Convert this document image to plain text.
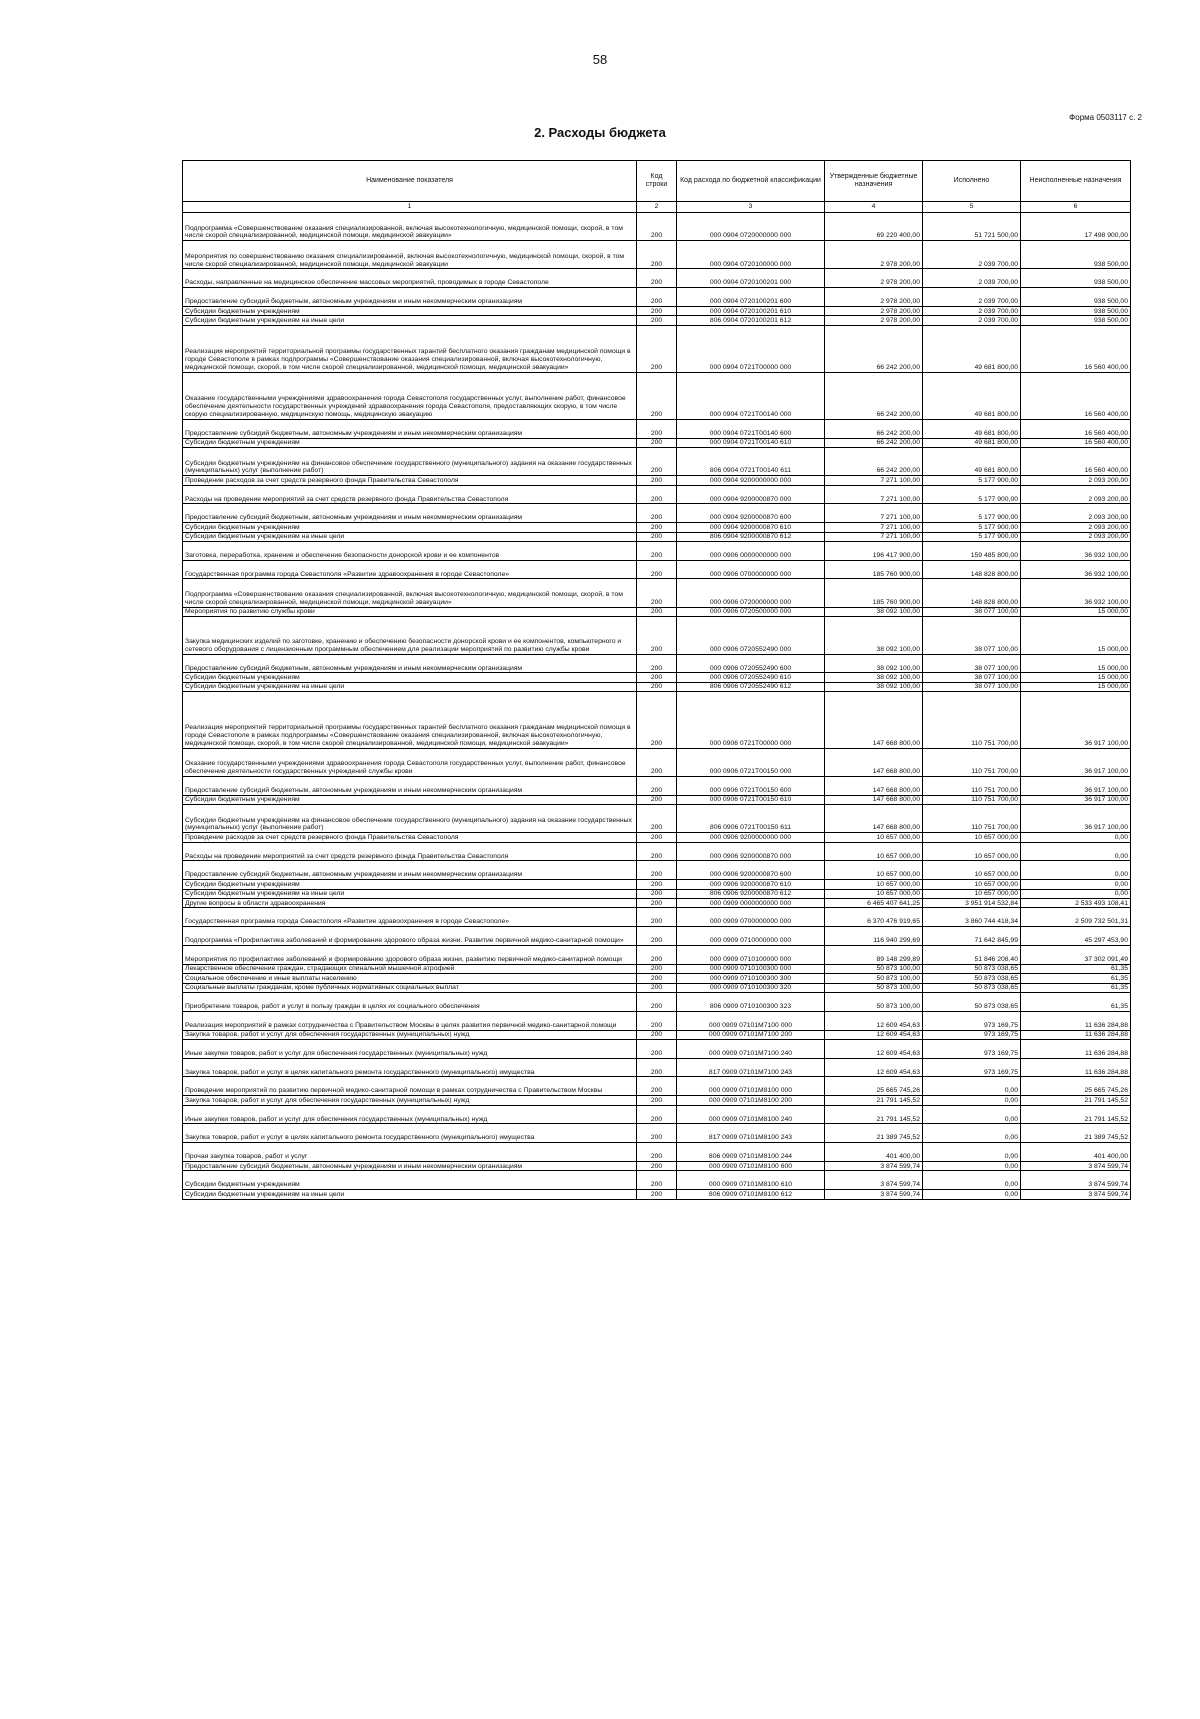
58
Форма 0503117 с. 2
2. Расходы бюджета
Наименование показателя	Код строки	Код расхода по бюджетной классификации	Утвержденные бюджетные назначения	Исполнено	Неисполненные назначения
1	2	3	4	5	6
Подпрограмма «Совершенствование оказания специализированной, включая высокотехнологичную, медицинской помощи, скорой, в том числе скорой специализированной, медицинской помощи, медицинской эвакуации»	200	000 0904 0720000000 000	69 220 400,00	51 721 500,00	17 498 900,00
Мероприятия по совершенствованию оказания специализированной, включая высокотехнологичную, медицинской помощи, скорой, в том числе скорой специализированной, медицинской помощи, медицинской эвакуации	200	000 0904 0720100000 000	2 978 200,00	2 039 700,00	938 500,00
Расходы, направленные на медицинское обеспечение массовых мероприятий, проводимых в городе Севастополе	200	000 0904 0720100201 000	2 978 200,00	2 039 700,00	938 500,00
Предоставление субсидий бюджетным, автономным учреждениям и иным некоммерческим организациям	200	000 0904 0720100201 600	2 978 200,00	2 039 700,00	938 500,00
Субсидии бюджетным учреждениям	200	000 0904 0720100201 610	2 978 200,00	2 039 700,00	938 500,00
Субсидии бюджетным учреждениям на иные цели	200	806 0904 0720100201 612	2 978 200,00	2 039 700,00	938 500,00
Реализация мероприятий территориальной программы государственных гарантий бесплатного оказания гражданам медицинской помощи в городе Севастополе в рамках подпрограммы «Совершенствование оказания специализированной, включая высокотехнологичную, медицинской помощи, скорой, в том числе скорой специализированной, медицинской помощи, медицинской эвакуации»	200	000 0904 0721T00000 000	66 242 200,00	49 681 800,00	16 560 400,00
Оказание государственными учреждениями здравоохранения города Севастополя государственных услуг, выполнение работ, финансовое обеспечение деятельности государственных учреждений здравоохранения города Севастополя, предоставляющих скорую, в том числе скорую специализированную, медицинскую помощь, медицинскую эвакуацию	200	000 0904 0721T00140 000	66 242 200,00	49 681 800,00	16 560 400,00
Предоставление субсидий бюджетным, автономным учреждениям и иным некоммерческим организациям	200	000 0904 0721T00140 600	66 242 200,00	49 681 800,00	16 560 400,00
Субсидии бюджетным учреждениям	200	000 0904 0721T00140 610	66 242 200,00	49 681 800,00	16 560 400,00
Субсидии бюджетным учреждениям на финансовое обеспечение государственного (муниципального) задания на оказание государственных (муниципальных) услуг (выполнение работ)	200	806 0904 0721T00140 611	66 242 200,00	49 681 800,00	16 560 400,00
Проведение расходов за счет средств резервного фонда Правительства Севастополя	200	000 0904 9200000000 000	7 271 100,00	5 177 900,00	2 093 200,00
Расходы на проведение мероприятий за счет средств резервного фонда Правительства Севастополя	200	000 0904 9200000870 000	7 271 100,00	5 177 900,00	2 093 200,00
Предоставление субсидий бюджетным, автономным учреждениям и иным некоммерческим организациям	200	000 0904 9200000870 600	7 271 100,00	5 177 900,00	2 093 200,00
Субсидии бюджетным учреждениям	200	000 0904 9200000870 610	7 271 100,00	5 177 900,00	2 093 200,00
Субсидии бюджетным учреждениям на иные цели	200	806 0904 9200000870 612	7 271 100,00	5 177 900,00	2 093 200,00
Заготовка, переработка, хранение и обеспечение безопасности донорской крови и ее компонентов	200	000 0906 0000000000 000	196 417 900,00	159 485 800,00	36 932 100,00
Государственная программа города Севастополя «Развитие здравоохранения в городе Севастополе»	200	000 0906 0700000000 000	185 760 900,00	148 828 800,00	36 932 100,00
Подпрограмма «Совершенствование оказания специализированной, включая высокотехнологичную, медицинской помощи, скорой, в том числе скорой специализированной, медицинской помощи, медицинской эвакуации»	200	000 0906 0720000000 000	185 760 900,00	148 828 800,00	36 932 100,00
Мероприятия по развитию службы крови	200	000 0906 0720500000 000	38 092 100,00	38 077 100,00	15 000,00
Закупка медицинских изделий по заготовке, хранению и обеспечению безопасности донорской крови и ее компонентов, компьютерного и сетевого оборудования с лицензионным программным обеспечением для реализации мероприятий по развитию службы крови	200	000 0906 0720552490 000	38 092 100,00	38 077 100,00	15 000,00
Предоставление субсидий бюджетным, автономным учреждениям и иным некоммерческим организациям	200	000 0906 0720552490 600	38 092 100,00	38 077 100,00	15 000,00
Субсидии бюджетным учреждениям	200	000 0906 0720552490 610	38 092 100,00	38 077 100,00	15 000,00
Субсидии бюджетным учреждениям на иные цели	200	806 0906 0720552490 612	38 092 100,00	38 077 100,00	15 000,00
Реализация мероприятий территориальной программы государственных гарантий бесплатного оказания гражданам медицинской помощи в городе Севастополе в рамках подпрограммы «Совершенствование оказания специализированной, включая высокотехнологичную, медицинской помощи, скорой, в том числе скорой специализированной, медицинской помощи, медицинской эвакуации»	200	000 0906 0721T00000 000	147 668 800,00	110 751 700,00	36 917 100,00
Оказание государственными учреждениями здравоохранения города Севастополя государственных услуг, выполнение работ, финансовое обеспечение деятельности государственных учреждений службы крови	200	000 0906 0721T00150 000	147 668 800,00	110 751 700,00	36 917 100,00
Предоставление субсидий бюджетным, автономным учреждениям и иным некоммерческим организациям	200	000 0906 0721T00150 600	147 668 800,00	110 751 700,00	36 917 100,00
Субсидии бюджетным учреждениям	200	000 0906 0721T00150 610	147 668 800,00	110 751 700,00	36 917 100,00
Субсидии бюджетным учреждениям на финансовое обеспечение государственного (муниципального) задания на оказание государственных (муниципальных) услуг (выполнение работ)	200	806 0906 0721T00150 611	147 668 800,00	110 751 700,00	36 917 100,00
Проведение расходов за счет средств резервного фонда Правительства Севастополя	200	000 0906 9200000000 000	10 657 000,00	10 657 000,00	0,00
Расходы на проведение мероприятий за счет средств резервного фонда Правительства Севастополя	200	000 0906 9200000870 000	10 657 000,00	10 657 000,00	0,00
Предоставление субсидий бюджетным, автономным учреждениям и иным некоммерческим организациям	200	000 0906 9200000870 600	10 657 000,00	10 657 000,00	0,00
Субсидии бюджетным учреждениям	200	000 0906 9200000870 610	10 657 000,00	10 657 000,00	0,00
Субсидии бюджетным учреждениям на иные цели	200	806 0906 9200000870 612	10 657 000,00	10 657 000,00	0,00
Другие вопросы в области здравоохранения	200	000 0909 0000000000 000	6 465 407 641,25	3 951 914 532,84	2 533 493 108,41
Государственная программа города Севастополя «Развитие здравоохранения в городе Севастополе»	200	000 0909 0700000000 000	6 370 476 919,65	3 860 744 418,34	2 509 732 501,31
Подпрограмма «Профилактика заболеваний и формирование здорового образа жизни. Развитие первичной медико-санитарной помощи»	200	000 0909 0710000000 000	116 940 299,69	71 642 845,99	45 297 453,90
Мероприятия по профилактике заболеваний и формированию здорового образа жизни, развитию первичной медико-санитарной помощи	200	000 0909 0710100000 000	89 148 299,89	51 846 208,40	37 302 091,49
Лекарственное обеспечение граждан, страдающих спинальной мышечной атрофией	200	000 0909 0710100300 000	50 873 100,00	50 873 038,65	61,35
Социальное обеспечение и иные выплаты населению	200	000 0909 0710100300 300	50 873 100,00	50 873 038,65	61,35
Социальные выплаты гражданам, кроме публичных нормативных социальных выплат	200	000 0909 0710100300 320	50 873 100,00	50 873 038,65	61,35
Приобретение товаров, работ и услуг в пользу граждан в целях их социального обеспечения	200	806 0909 0710100300 323	50 873 100,00	50 873 038,65	61,35
Реализация мероприятий в рамках сотрудничества с Правительством Москвы в целях развития первичной медико-санитарной помощи	200	000 0909 07101M7100 000	12 609 454,63	973 169,75	11 636 284,88
Закупка товаров, работ и услуг для обеспечения государственных (муниципальных) нужд	200	000 0909 07101M7100 200	12 609 454,63	973 169,75	11 636 284,88
Иные закупки товаров, работ и услуг для обеспечения государственных (муниципальных) нужд	200	000 0909 07101M7100 240	12 609 454,63	973 169,75	11 636 284,88
Закупка товаров, работ и услуг в целях капитального ремонта государственного (муниципального) имущества	200	817 0909 07101M7100 243	12 609 454,63	973 169,75	11 636 284,88
Проведение мероприятий по развитию первичной медико-санитарной помощи в рамках сотрудничества с Правительством Москвы	200	000 0909 07101M8100 000	25 665 745,26	0,00	25 665 745,26
Закупка товаров, работ и услуг для обеспечения государственных (муниципальных) нужд	200	000 0909 07101M8100 200	21 791 145,52	0,00	21 791 145,52
Иные закупки товаров, работ и услуг для обеспечения государственных (муниципальных) нужд	200	000 0909 07101M8100 240	21 791 145,52	0,00	21 791 145,52
Закупка товаров, работ и услуг в целях капитального ремонта государственного (муниципального) имущества	200	817 0909 07101M8100 243	21 389 745,52	0,00	21 389 745,52
Прочая закупка товаров, работ и услуг	200	806 0909 07101M8100 244	401 400,00	0,00	401 400,00
Предоставление субсидий бюджетным, автономным учреждениям и иным некоммерческим организациям	200	000 0909 07101M8100 600	3 874 599,74	0,00	3 874 599,74
Субсидии бюджетным учреждениям	200	000 0909 07101M8100 610	3 874 599,74	0,00	3 874 599,74
Субсидии бюджетным учреждениям на иные цели	200	806 0909 07101M8100 612	3 874 599,74	0,00	3 874 599,74
